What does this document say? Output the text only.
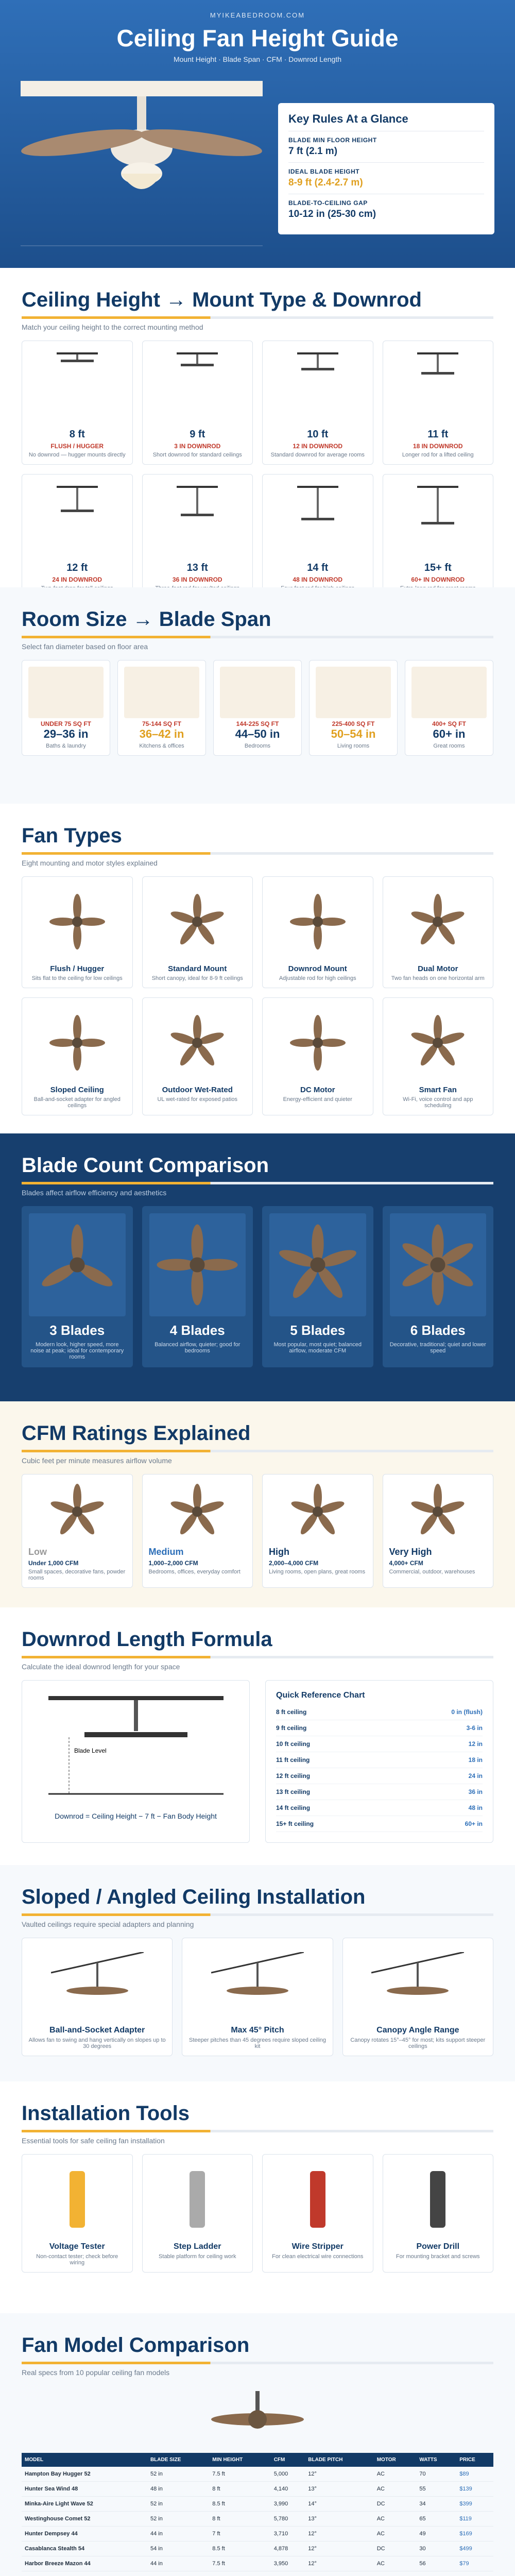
MYIKEABEDROOM.COM
Ceiling Fan Height Guide
Mount Height · Blade Span · CFM · Downrod Length
Key Rules At a Glance
BLADE MIN FLOOR HEIGHT
7 ft (2.1 m)
IDEAL BLADE HEIGHT
8-9 ft (2.4-2.7 m)
BLADE-TO-CEILING GAP
10-12 in (25-30 cm)
Ceiling Height → Mount Type & Downrod
Match your ceiling height to the correct mounting method
8 ft
FLUSH / HUGGER
No downrod — hugger mounts directly
9 ft
3 IN DOWNROD
Short downrod for standard ceilings
10 ft
12 IN DOWNROD
Standard downrod for average rooms
11 ft
18 IN DOWNROD
Longer rod for a lifted ceiling
12 ft
24 IN DOWNROD
13 ft
36 IN DOWNROD
14 ft
48 IN DOWNROD
15+ ft
60+ IN DOWNROD
Room Size → Blade Span
Select fan diameter based on floor area
UNDER 75 SQ FT
29–36 in
Baths & laundry
75-144 SQ FT
36–42 in
Kitchens & offices
144-225 SQ FT
44–50 in
Bedrooms
225-400 SQ FT
50–54 in
Living rooms
400+ SQ FT
60+ in
Great rooms
Fan Types
Eight mounting and motor styles explained
Flush / Hugger
Sits flat to the ceiling for low ceilings
Standard Mount
Short canopy, ideal for 8-9 ft ceilings
Downrod Mount
Adjustable rod for high ceilings
Dual Motor
Two fan heads on one horizontal arm
Sloped Ceiling
Ball-and-socket adapter for angled ceilings
Outdoor Wet-Rated
UL wet-rated for exposed patios
DC Motor
Energy-efficient and quieter
Smart Fan
Wi-Fi, voice control and app scheduling
Blade Count Comparison
Blades affect airflow efficiency and aesthetics
3 Blades
Modern look, higher speed, more noise at peak; ideal for contemporary rooms
4 Blades
Balanced airflow, quieter; good for bedrooms
5 Blades
Most popular, most quiet; balanced airflow, moderate CFM
6 Blades
Decorative, traditional; quiet and lower speed
CFM Ratings Explained
Cubic feet per minute measures airflow volume
Low
Under 1,000 CFM
Small spaces, decorative fans, powder rooms
Medium
1,000–2,000 CFM
Bedrooms, offices, everyday comfort
High
2,000–4,000 CFM
Living rooms, open plans, great rooms
Very High
4,000+ CFM
Commercial, outdoor, warehouses
Downrod Length Formula
Calculate the ideal downrod length for your space
Blade Level
Downrod = Ceiling Height − 7 ft − Fan Body Height
Quick Reference Chart
8 ft ceiling	0 in (flush)
9 ft ceiling	3-6 in
10 ft ceiling	12 in
11 ft ceiling	18 in
12 ft ceiling	24 in
13 ft ceiling	36 in
14 ft ceiling	48 in
15+ ft ceiling	60+ in
Sloped / Angled Ceiling Installation
Vaulted ceilings require special adapters and planning
Ball-and-Socket Adapter
Allows fan to swing and hang vertically on slopes up to 30 degrees
Max 45° Pitch
Steeper pitches than 45 degrees require sloped ceiling kit
Canopy Angle Range
Canopy rotates 15°–45° for most; kits support steeper ceilings
Installation Tools
Essential tools for safe ceiling fan installation
Voltage Tester
Non-contact tester; check before wiring
Step Ladder
Stable platform for ceiling work
Wire Stripper
For clean electrical wire connections
Power Drill
For mounting bracket and screws
Fan Model Comparison
Real specs from 10 popular ceiling fan models
MODEL	BLADE SIZE	MIN HEIGHT	CFM	BLADE PITCH	MOTOR	WATTS	PRICE
Hampton Bay Hugger 52	52 in	7.5 ft	5,000	12°	AC	70	$89
Hunter Sea Wind 48	48 in	8 ft	4,140	13°	AC	55	$139
Minka-Aire Light Wave 52	52 in	8.5 ft	3,990	14°	DC	34	$399
Westinghouse Comet 52	52 in	8 ft	5,780	13°	AC	65	$119
Hunter Dempsey 44	44 in	7 ft	3,710	12°	AC	49	$169
Casablanca Stealth 54	54 in	8.5 ft	4,878	12°	DC	30	$499
Harbor Breeze Mazon 44	44 in	7.5 ft	3,950	12°	AC	56	$79
